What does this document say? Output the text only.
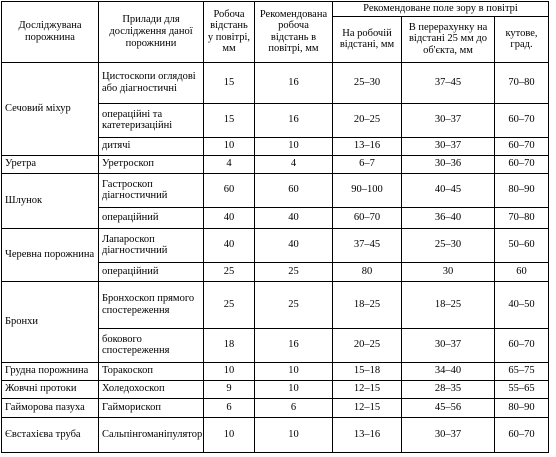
Досліджувана порожнина	Прилади для дослідження даної порожнини	Робоча відстань у повітрі, мм	Рекомендована робоча відстань в повітрі, мм	Рекомендоване поле зору в повітрі		
				На робочій відстані, мм	В перерахунку на відстані 25 мм до об'єкта, мм	кутове, град.
Сечовий міхур	Цистоскопи оглядові або діагностичні	15	16	25–30	37–45	70–80
	операційні та катетеризаційні	15	16	20–25	30–37	60–70
	дитячі	10	10	13–16	30–37	60–70
Уретра	Уретроскоп	4	4	6–7	30–36	60–70
Шлунок	Гастроскоп діагностичний	60	60	90–100	40–45	80–90
	операційний	40	40	60–70	36–40	70–80
Черевна порожнина	Лапароскоп діагностичний	40	40	37–45	25–30	50–60
	операційний	25	25	80	30	60
Бронхи	Бронхоскоп прямого спостереження	25	25	18–25	18–25	40–50
	бокового спостереження	18	16	20–25	30–37	60–70
Грудна порожнина	Торакоскоп	10	10	15–18	34–40	65–75
Жовчні протоки	Холедохоскоп	9	10	12–15	28–35	55–65
Гайморова пазуха	Гайморископ	6	6	12–15	45–56	80–90
Євстахієва труба	Сальпінгоманіпулятор	10	10	13–16	30–37	60–70
